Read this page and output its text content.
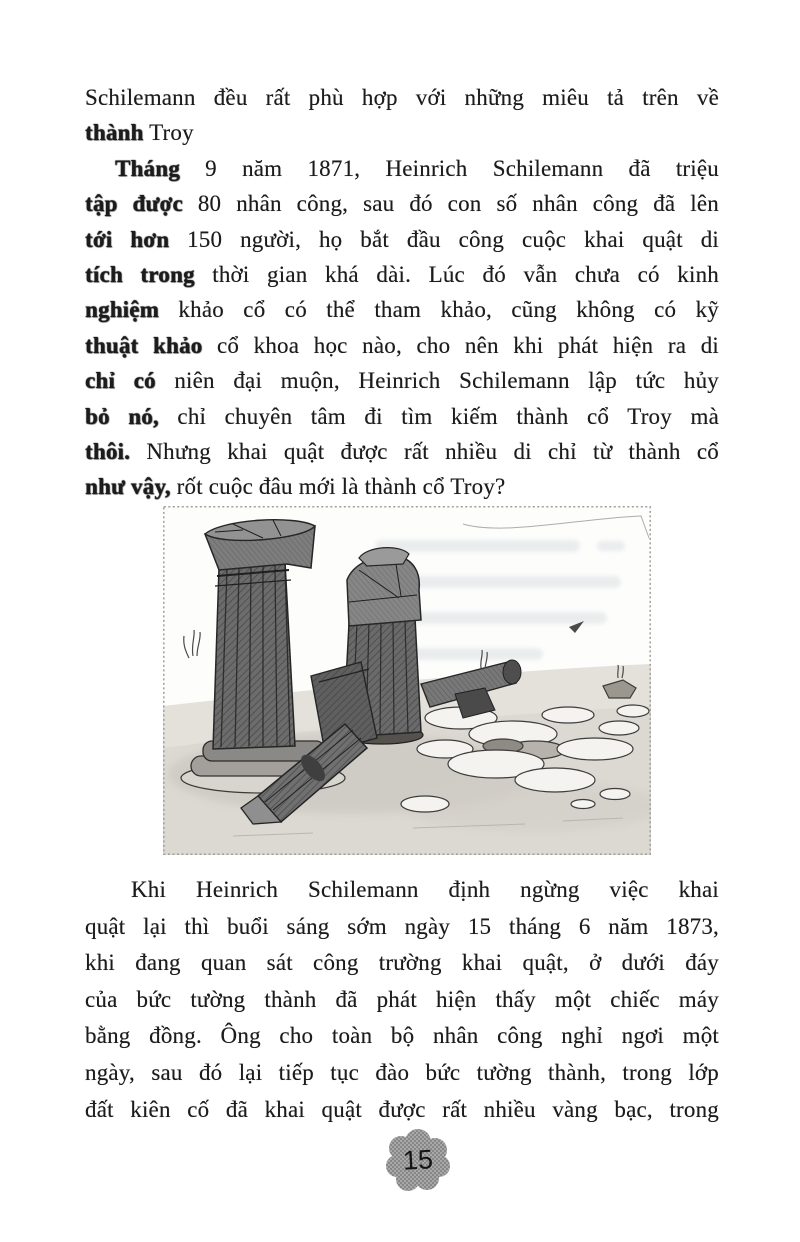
Schilemann đều rất phù hợp với những miêu tả trên về
thành Troy
Tháng 9 năm 1871, Heinrich Schilemann đã triệu
tập được 80 nhân công, sau đó con số nhân công đã lên
tới hơn 150 người, họ bắt đầu công cuộc khai quật di
tích trong thời gian khá dài. Lúc đó vẫn chưa có kinh
nghiệm khảo cổ có thể tham khảo, cũng không có kỹ
thuật khảo cổ khoa học nào, cho nên khi phát hiện ra di
chỉ có niên đại muộn, Heinrich Schilemann lập tức hủy
bỏ nó, chỉ chuyên tâm đi tìm kiếm thành cổ Troy mà
thôi. Nhưng khai quật được rất nhiều di chỉ từ thành cổ
như vậy, rốt cuộc đâu mới là thành cổ Troy?
Khi Heinrich Schilemann định ngừng việc khai
quật lại thì buổi sáng sớm ngày 15 tháng 6 năm 1873,
khi đang quan sát công trường khai quật, ở dưới đáy
của bức tường thành đã phát hiện thấy một chiếc máy
bằng đồng. Ông cho toàn bộ nhân công nghỉ ngơi một
ngày, sau đó lại tiếp tục đào bức tường thành, trong lớp
đất kiên cố đã khai quật được rất nhiều vàng bạc, trong
15
